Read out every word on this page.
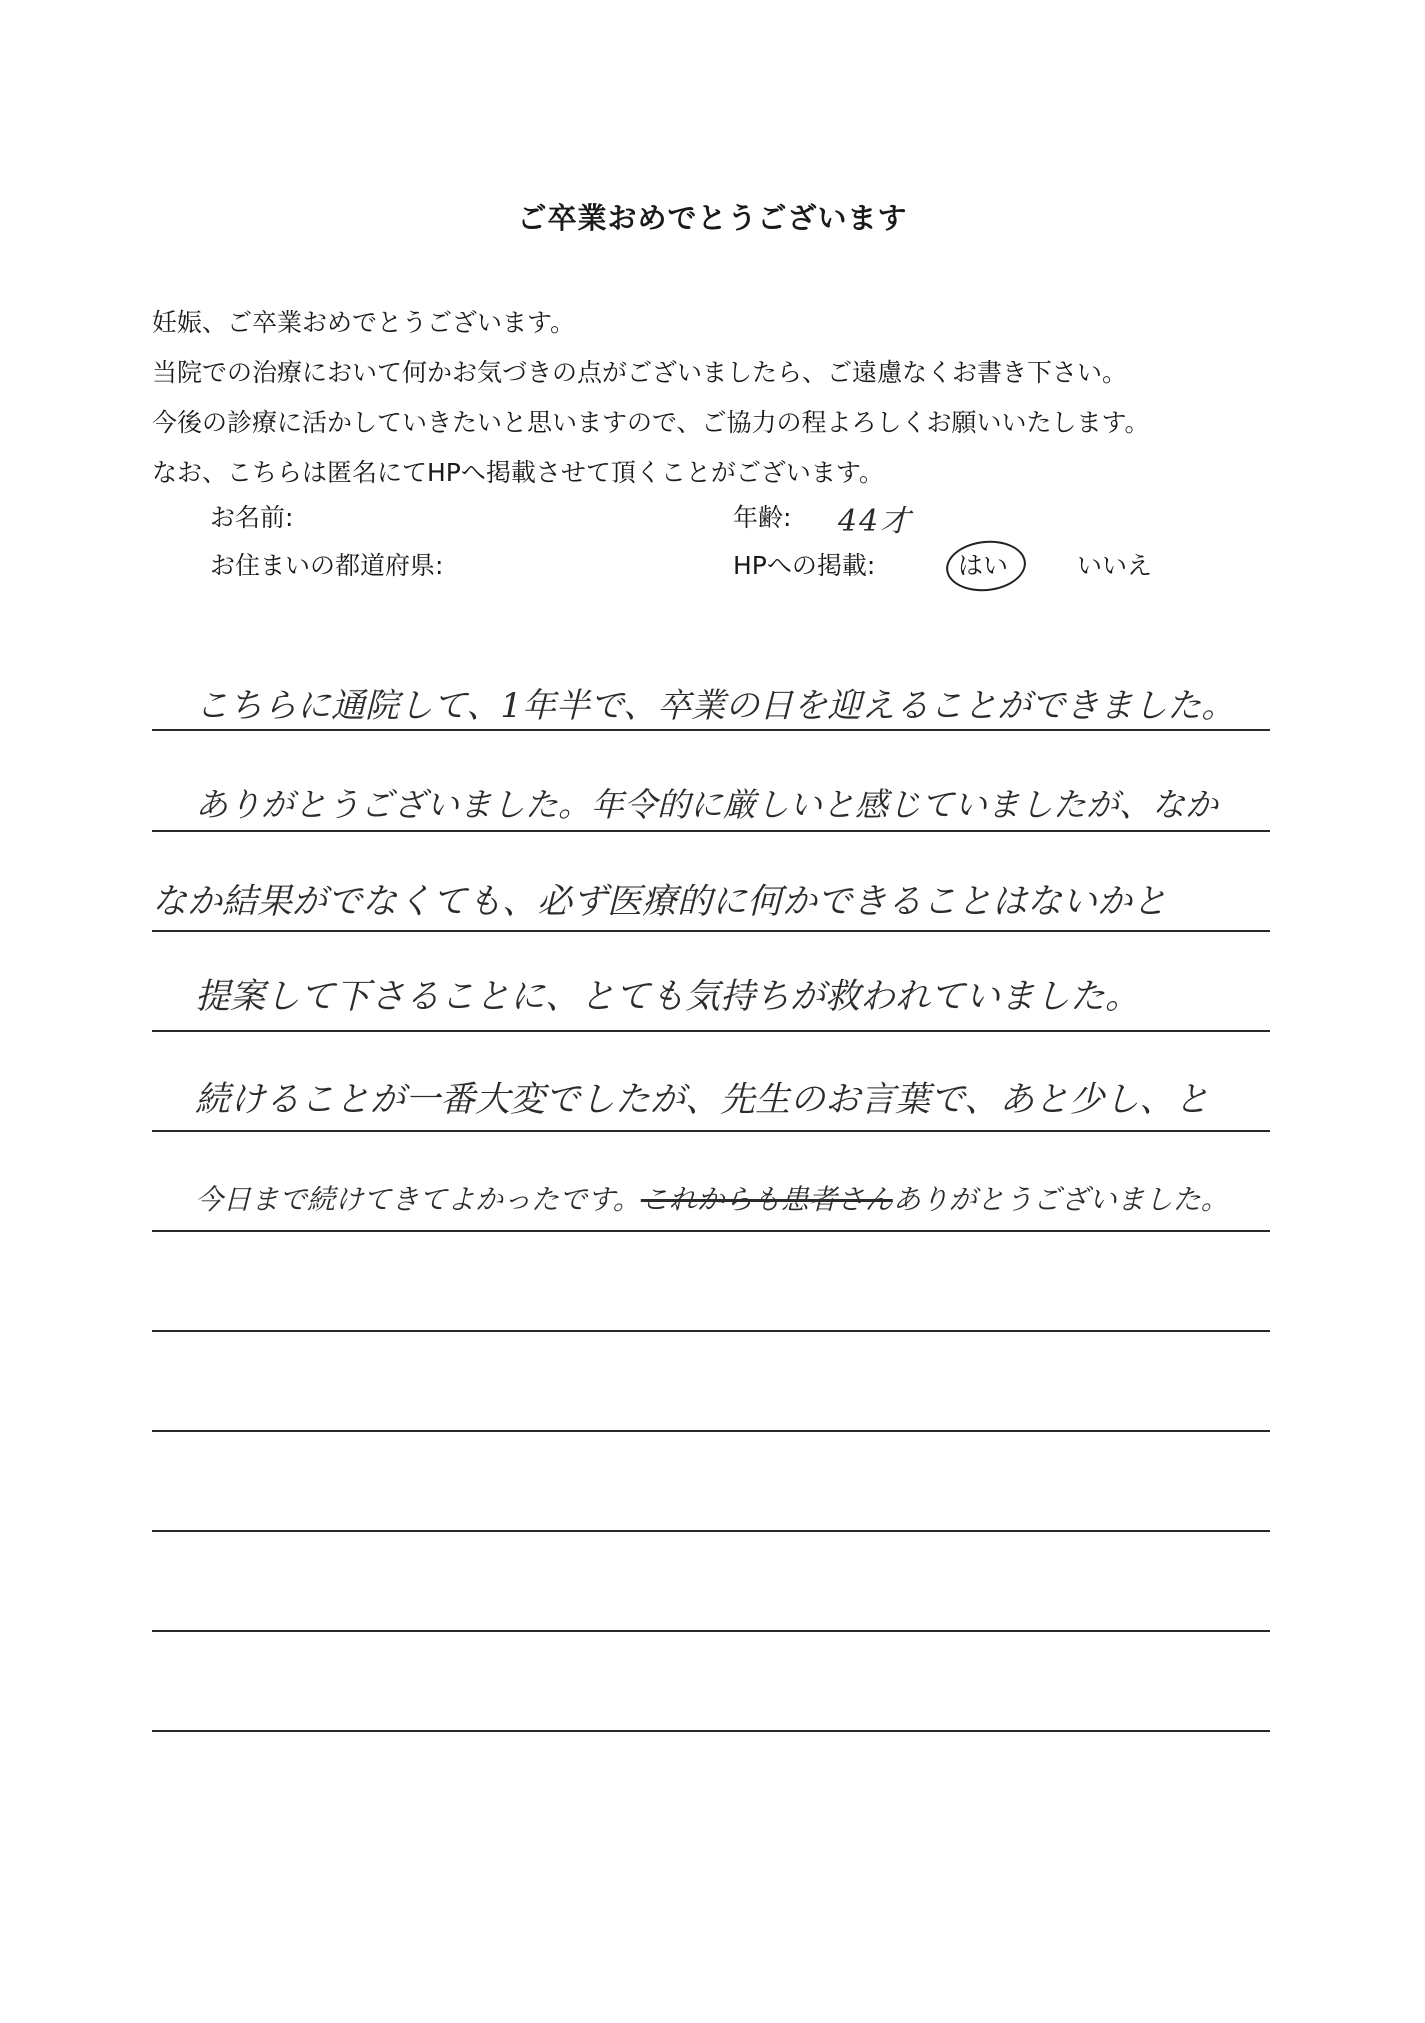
ご卒業おめでとうございます
妊娠、ご卒業おめでとうございます。
当院での治療において何かお気づきの点がございましたら、ご遠慮なくお書き下さい。
今後の診療に活かしていきたいと思いますので、ご協力の程よろしくお願いいたします。
なお、こちらは匿名にてHPへ掲載させて頂くことがございます。
お名前:	年齢: 44才
お住まいの都道府県:	HPへの掲載:	はい	いいえ
こちらに通院して、1年半で、卒業の日を迎えることができました。
ありがとうございました。年令的に厳しいと感じていましたが、なか
なか結果がでなくても、必ず医療的に何かできることはないかと
提案して下さることに、とても気持ちが救われていました。
続けることが一番大変でしたが、先生のお言葉で、あと少し、と
今日まで続けてきてよかったです。これからも患者さんありがとうございました。
